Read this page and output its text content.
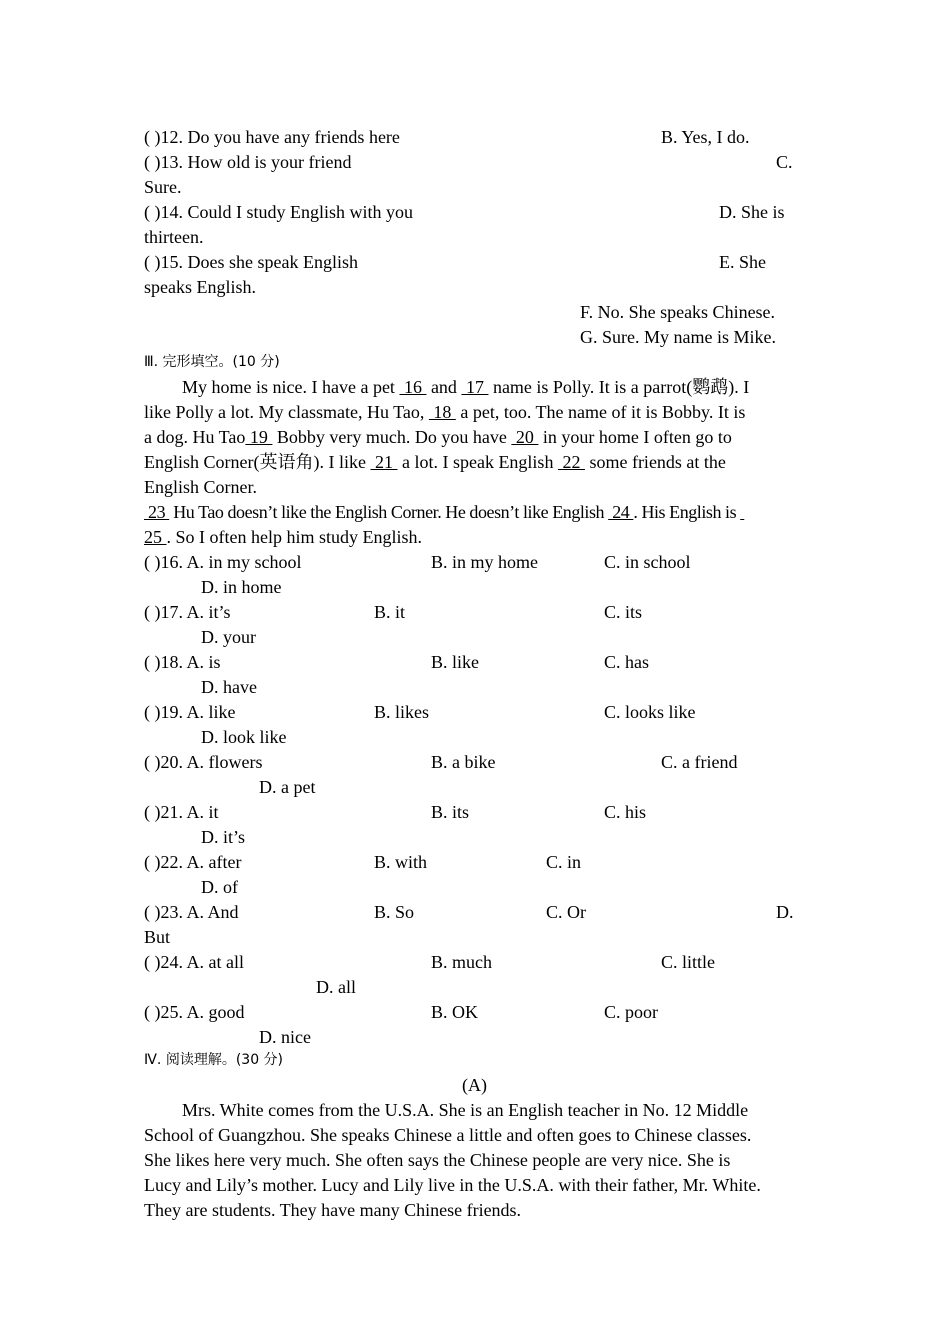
( )12. Do you have any friends here	B. Yes, I do.
( )13. How old is your friend	C.
Sure.
( )14. Could I study English with you	D. She is
thirteen.
( )15. Does she speak English	E. She
speaks English.
F. No. She speaks Chinese.
G. Sure. My name is Mike.
Ⅲ. 完形填空。(10 分)
My home is nice. I have a pet  16  and  17  name is Polly. It is a parrot(鹦鹉). I
like Polly a lot. My classmate, Hu Tao,  18  a pet, too. The name of it is Bobby. It is
a dog. Hu Tao 19  Bobby very much. Do you have  20  in your home I often go to
English Corner(英语角). I like  21  a lot. I speak English  22  some friends at the
English Corner.
23  Hu Tao doesn’t like the English Corner. He doesn’t like English  24 . His English is
25 . So I often help him study English.
( )16. A. in my school	B. in my home	C. in school
D. in home
( )17. A. it’s	B. it	C. its
D. your
( )18. A. is	B. like	C. has
D. have
( )19. A. like	B. likes	C. looks like
D. look like
( )20. A. flowers	B. a bike	C. a friend
D. a pet
( )21. A. it	B. its	C. his
D. it’s
( )22. A. after	B. with	C. in
D. of
( )23. A. And	B. So	C. Or	D.
But
( )24. A. at all	B. much	C. little
D. all
( )25. A. good	B. OK	C. poor
D. nice
Ⅳ. 阅读理解。(30 分)
(A)
Mrs. White comes from the U.S.A. She is an English teacher in No. 12 Middle
School of Guangzhou. She speaks Chinese a little and often goes to Chinese classes.
She likes here very much. She often says the Chinese people are very nice. She is
Lucy and Lily’s mother. Lucy and Lily live in the U.S.A. with their father, Mr. White.
They are students. They have many Chinese friends.
